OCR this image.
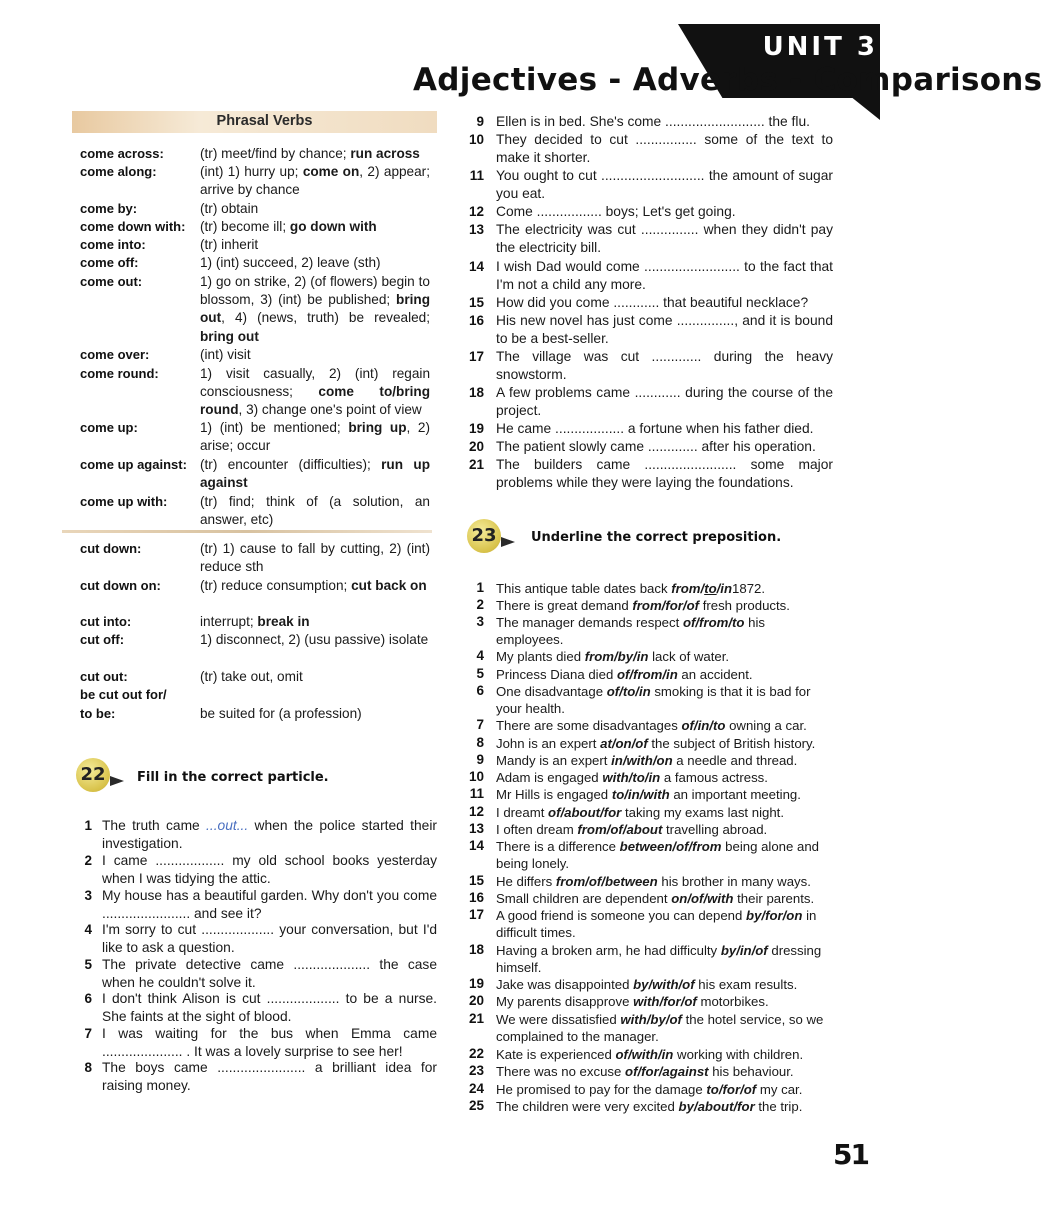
UNIT 3
Adjectives - Adverbs - Comparisons
Phrasal Verbs
come across:	(tr) meet/find by chance; run across
come along:	(int) 1) hurry up; come on, 2) appear; arrive by chance
come by:	(tr) obtain
come down with:	(tr) become ill; go down with
come into:	(tr) inherit
come off:	1) (int) succeed, 2) leave (sth)
come out:	1) go on strike, 2) (of flowers) begin to blossom, 3) (int) be published; bring out, 4) (news, truth) be revealed; bring out
come over:	(int) visit
come round:	1) visit casually, 2) (int) regain consciousness; come to/bring round, 3) change one's point of view
come up:	1) (int) be mentioned; bring up, 2) arise; occur
come up against: (tr) encounter (difficulties); run up against
come up with:	(tr) find; think of (a solution, an answer, etc)
cut down:	(tr) 1) cause to fall by cutting, 2) (int) reduce sth
cut down on:	(tr) reduce consumption; cut back on
cut into:	interrupt; break in
cut off:	1) disconnect, 2) (usu passive) isolate
cut out:	(tr) take out, omit
be cut out for/
to be:	be suited for (a profession)
22	Fill in the correct particle.
1 The truth came ...out... when the police started their investigation.
2 I came .................. my old school books yesterday when I was tidying the attic.
3 My house has a beautiful garden. Why don't you come ....................... and see it?
4 I'm sorry to cut ................... your conversation, but I'd like to ask a question.
5 The private detective came .................... the case when he couldn't solve it.
6 I don't think Alison is cut ................... to be a nurse. She faints at the sight of blood.
7 I was waiting for the bus when Emma came ..................... . It was a lovely surprise to see her!
8 The boys came ....................... a brilliant idea for raising money.
9 Ellen is in bed. She's come .......................... the flu.
10 They decided to cut ................ some of the text to make it shorter.
11 You ought to cut ........................... the amount of sugar you eat.
12 Come ................. boys; Let's get going.
13 The electricity was cut ............... when they didn't pay the electricity bill.
14 I wish Dad would come ......................... to the fact that I'm not a child any more.
15 How did you come ............ that beautiful necklace?
16 His new novel has just come ..............., and it is bound to be a best-seller.
17 The village was cut ............. during the heavy snowstorm.
18 A few problems came ............ during the course of the project.
19 He came .................. a fortune when his father died.
20 The patient slowly came ............. after his operation.
21 The builders came ........................ some major problems while they were laying the foundations.
23	Underline the correct preposition.
1 This antique table dates back from/to/in1872.
2 There is great demand from/for/of fresh products.
3 The manager demands respect of/from/to his employees.
4 My plants died from/by/in lack of water.
5 Princess Diana died of/from/in an accident.
6 One disadvantage of/to/in smoking is that it is bad for your health.
7 There are some disadvantages of/in/to owning a car.
8 John is an expert at/on/of the subject of British history.
9 Mandy is an expert in/with/on a needle and thread.
10 Adam is engaged with/to/in a famous actress.
11 Mr Hills is engaged to/in/with an important meeting.
12 I dreamt of/about/for taking my exams last night.
13 I often dream from/of/about travelling abroad.
14 There is a difference between/of/from being alone and being lonely.
15 He differs from/of/between his brother in many ways.
16 Small children are dependent on/of/with their parents.
17 A good friend is someone you can depend by/for/on in difficult times.
18 Having a broken arm, he had difficulty by/in/of dressing himself.
19 Jake was disappointed by/with/of his exam results.
20 My parents disapprove with/for/of motorbikes.
21 We were dissatisfied with/by/of the hotel service, so we complained to the manager.
22 Kate is experienced of/with/in working with children.
23 There was no excuse of/for/against his behaviour.
24 He promised to pay for the damage to/for/of my car.
25 The children were very excited by/about/for the trip.
51
